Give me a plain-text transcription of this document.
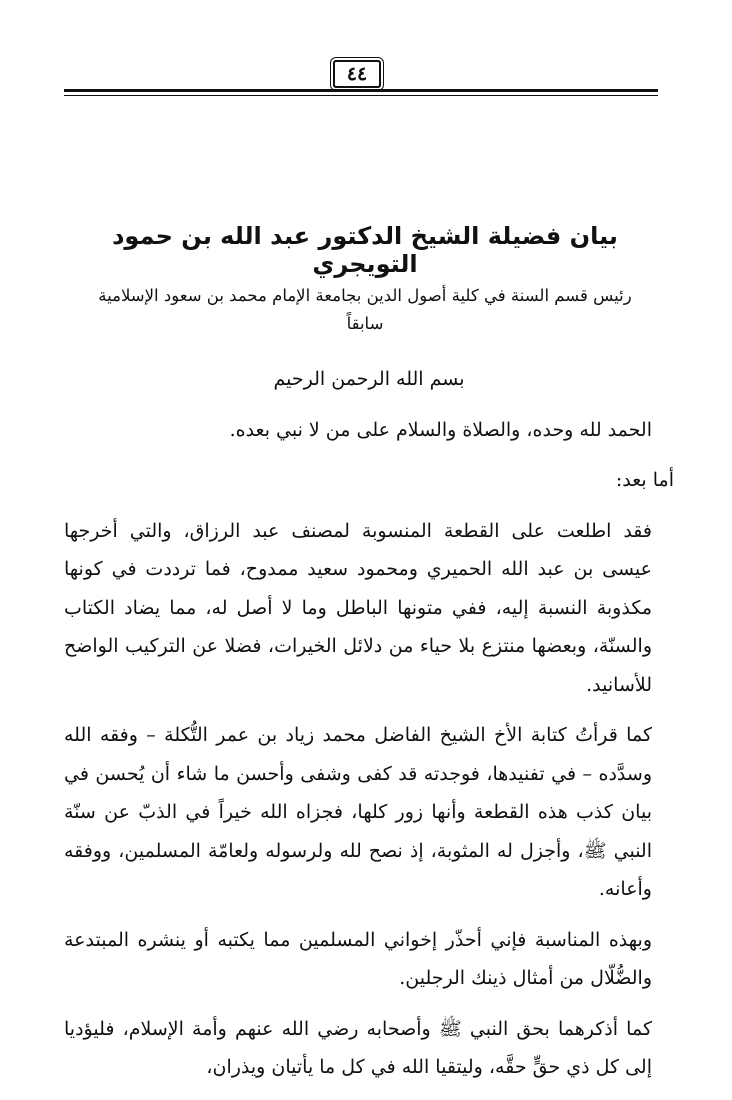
٤٤
بيان فضيلة الشيخ الدكتور عبد الله بن حمود التويجري
رئيس قسم السنة في كلية أصول الدين بجامعة الإمام محمد بن سعود الإسلامية
سابقاً

بسم الله الرحمن الرحيم

الحمد لله وحده، والصلاة والسلام على من لا نبي بعده.

أما بعد:

فقد اطلعت على القطعة المنسوبة لمصنف عبد الرزاق، والتي أخرجها عيسى بن عبد الله الحميري ومحمود سعيد ممدوح، فما ترددت في كونها مكذوبة النسبة إليه، ففي متونها الباطل وما لا أصل له، مما يضاد الكتاب والسنّة، وبعضها منتزع بلا حياء من دلائل الخيرات، فضلا عن التركيب الواضح للأسانيد.

كما قرأتُ كتابة الأخ الشيخ الفاضل محمد زياد بن عمر التُّكلة – وفقه الله وسدَّده – في تفنيدها، فوجدته قد كفى وشفى وأحسن ما شاء أن يُحسن في بيان كذب هذه القطعة وأنها زور كلها، فجزاه الله خيراً في الذبّ عن سنّة النبي ﷺ، وأجزل له المثوبة، إذ نصح لله ولرسوله ولعامّة المسلمين، ووفقه وأعانه.

وبهذه المناسبة فإني أحذّر إخواني المسلمين مما يكتبه أو ينشره المبتدعة والضُّلّال من أمثال ذينك الرجلين.

كما أذكرهما بحق النبي ﷺ وأصحابه رضي الله عنهم وأمة الإسلام، فليؤديا إلى كل ذي حقٍّ حقَّه، وليتقيا الله في كل ما يأتيان ويذران،
